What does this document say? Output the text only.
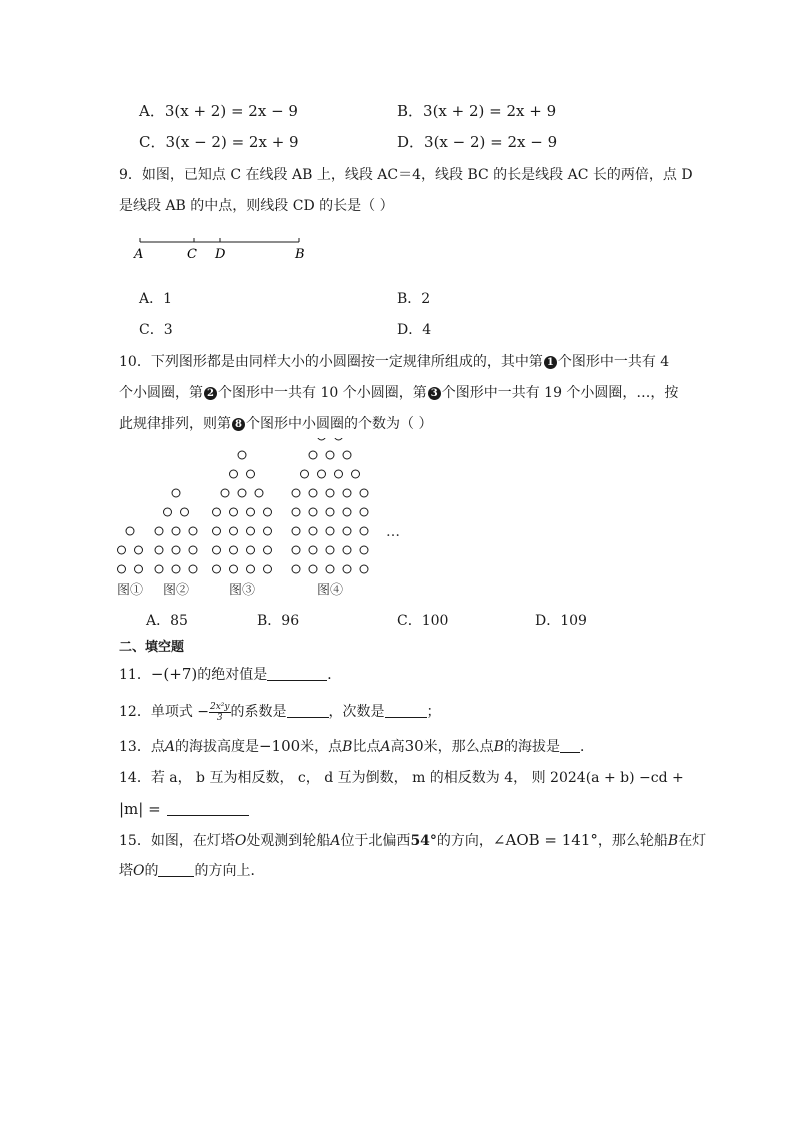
A．3(x + 2) = 2x − 9	B．3(x + 2) = 2x + 9
C．3(x − 2) = 2x + 9	D．3(x − 2) = 2x − 9
9．如图，已知点 C 在线段 AB 上，线段 AC＝4，线段 BC 的长是线段 AC 长的两倍，点 D
是线段 AB 的中点，则线段 CD 的长是（ ）
A	C D	B
A．1	B．2
C．3	D．4
10．下列图形都是由同样大小的小圆圈按一定规律所组成的，其中第 1 个图形中一共有 4
个小圆圈，第 2 个图形中一共有 10 个小圆圈，第 3 个图形中一共有 19 个小圆圈，…，按
此规律排列，则第 8 个图形中小圆圈的个数为（ ）
图① 图②	图③	图④
…
A．85	B．96	C．100	D．109
二、填空题
11．−(+7)的绝对值是	．
12．单项式 − $\frac{\text{2x²y}}{3}$ 的系数是	，次数是	；
13．点A的海拔高度是−100米，点B比点A高30米，那么点B的海拔是 ．
14．若 a， b 互为相反数， c， d 互为倒数， m 的相反数为 4， 则 2024(a + b) −cd +
|m| =
15．如图，在灯塔O处观测到轮船A位于北偏西54°的方向，∠AOB = 141°，那么轮船B在灯
塔O的	的方向上．
